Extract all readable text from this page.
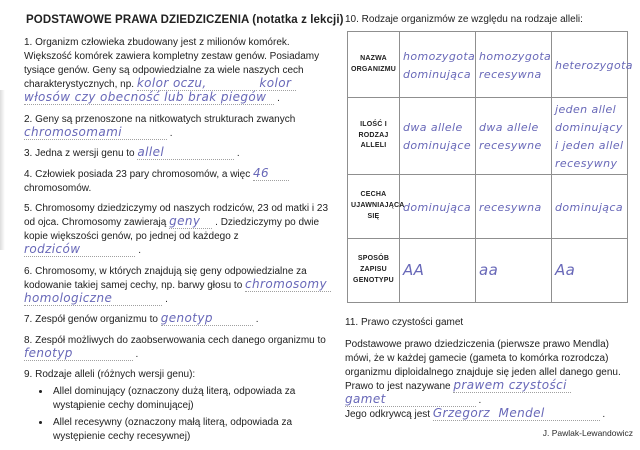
PODSTAWOWE PRAWA DZIEDZICZENIA (notatka z lekcji)

1. Organizm człowieka zbudowany jest z milionów komórek. Większość komórek zawiera kompletny zestaw genów. Posiadamy tysiące genów. Geny są odpowiedzialne za wiele naszych cech charakterystycznych, np. kolor oczu,	kolor włosów czy obecność lub brak piegów .

2. Geny są przenoszone na nitkowatych strukturach zwanych chromosomami	.

3. Jedna z wersji genu to allel	.

4. Człowiek posiada 23 pary chromosomów, a więc 46 chromosomów.

5. Chromosomy dziedziczymy od naszych rodziców, 23 od matki i 23 od ojca. Chromosomy zawierają geny . Dziedziczymy po dwie kopie większości genów, po jednej od każdego z rodziców	.

6. Chromosomy, w których znajdują się geny odpowiedzialne za kodowanie takiej samej cechy, np. barwy głosu to chromosomy homologiczne	.

7. Zespół genów organizmu to genotyp	.

8. Zespół możliwych do zaobserwowania cech danego organizmu to fenotyp	.

9. Rodzaje alleli (różnych wersji genu):

• Allel dominujący (oznaczony dużą literą, odpowiada za wystąpienie cechy dominującej)
• Allel recesywny (oznaczony małą literą, odpowiada za występienie cechy recesywnej)
10. Rodzaje organizmów ze względu na rodzaje alleli:
NAZWA ORGANIZMU	homozygota dominująca	homozygota recesywna	heterozygota
ILOŚĆ I RODZAJ ALLELI	dwa allele dominujące	dwa allele recesywne	jeden allel dominujący i jeden allel recesywny
CECHA UJAWNIAJĄCA SIĘ	dominująca	recesywna	dominująca
SPOSÓB ZAPISU GENOTYPU	AA	aa	Aa
11. Prawo czystości gamet

Podstawowe prawo dziedziczenia (pierwsze prawo Mendla) mówi, że w każdej gamecie (gameta to komórka rozrodcza) organizmu diploidalnego znajduje się jeden allel danego genu. Prawo to jest nazywane prawem czystości gamet	.
Jego odkrywcą jest Grzegorz  Mendel	.

J. Pawlak-Lewandowicz
